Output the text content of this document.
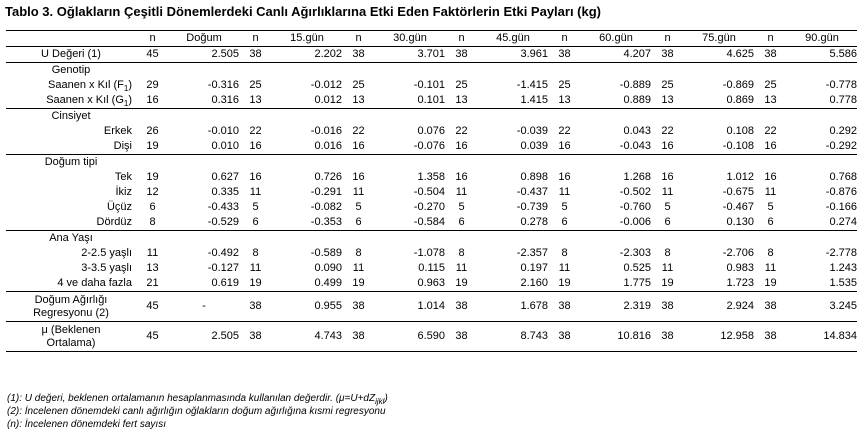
Tablo 3. Oğlakların Çeşitli Dönemlerdeki Canlı Ağırlıklarına Etki Eden Faktörlerin Etki Payları (kg)
	n	Doğum	n	15.gün	n	30.gün	n	45.gün	n	60.gün	n	75.gün	n	90.gün
U Değeri (1)	45	2.505	38	2.202	38	3.701	38	3.961	38	4.207	38	4.625	38	5.586
Genotip														
Saanen x Kıl $(F_1)$	29	-0.316	25	-0.012	25	-0.101	25	-1.415	25	-0.889	25	-0.869	25	-0.778
Saanen x Kıl $(G_1)$	16	0.316	13	0.012	13	0.101	13	1.415	13	0.889	13	0.869	13	0.778
Cinsiyet														
Erkek	26	-0.010	22	-0.016	22	0.076	22	-0.039	22	0.043	22	0.108	22	0.292
Dişi	19	0.010	16	0.016	16	-0.076	16	0.039	16	-0.043	16	-0.108	16	-0.292
Doğum tipi														
Tek	19	0.627	16	0.726	16	1.358	16	0.898	16	1.268	16	1.012	16	0.768
İkiz	12	0.335	11	-0.291	11	-0.504	11	-0.437	11	-0.502	11	-0.675	11	-0.876
Üçüz	6	-0.433	5	-0.082	5	-0.270	5	-0.739	5	-0.760	5	-0.467	5	-0.166
Dördüz	8	-0.529	6	-0.353	6	-0.584	6	0.278	6	-0.006	6	0.130	6	0.274
Ana Yaşı														
2-2.5 yaşlı	11	-0.492	8	-0.589	8	-1.078	8	-2.357	8	-2.303	8	-2.706	8	-2.778
3-3.5 yaşlı	13	-0.127	11	0.090	11	0.115	11	0.197	11	0.525	11	0.983	11	1.243
4 ve daha fazla	21	0.619	19	0.499	19	0.963	19	2.160	19	1.775	19	1.723	19	1.535
Doğum Ağırlığı
Regresyonu (2)	45	-	38	0.955	38	1.014	38	1.678	38	2.319	38	2.924	38	3.245
μ (Beklenen
Ortalama)	45	2.505	38	4.743	38	6.590	38	8.743	38	10.816	38	12.958	38	14.834
(1): U değeri, beklenen ortalamanın hesaplanmasında kullanılan değerdir. $(\mu=U+dZ_{ijkl})$
(2): İncelenen dönemdeki canlı ağırlığın oğlakların doğum ağırlığına kısmi regresyonu
(n): İncelenen dönemdeki fert sayısı
